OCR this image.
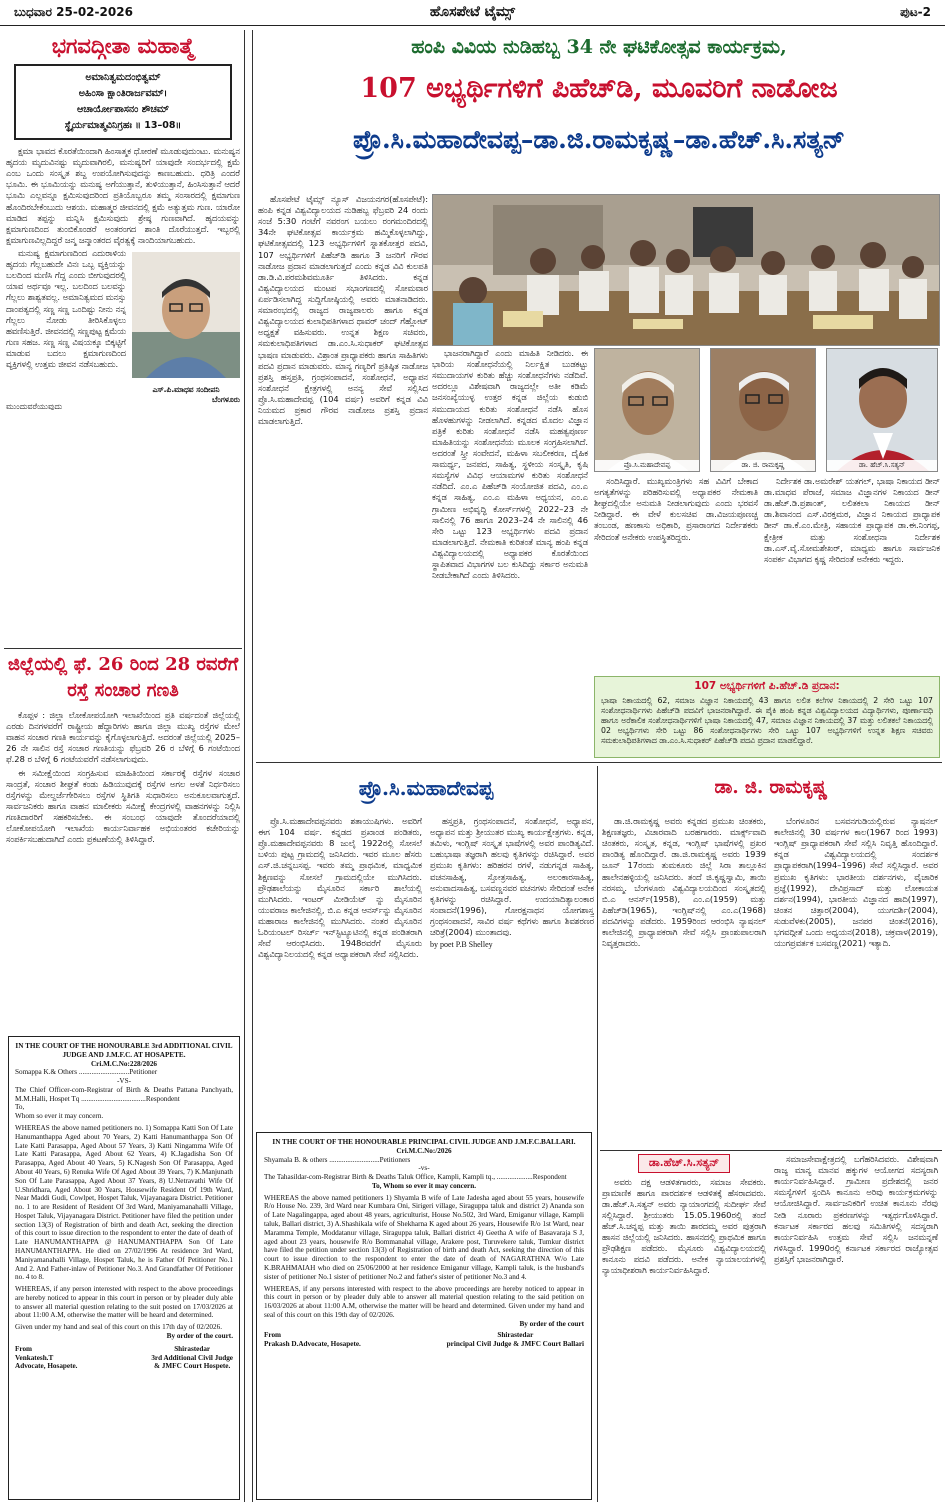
ಬುಧವಾರ 25-02-2026	ಹೊಸಪೇಟೆ ಟೈಮ್ಸ್	ಪುಟ-2
ಭಗವದ್ಗೀತಾ ಮಹಾತ್ಮೆ
ಅಮಾನಿತ್ವಮದಂಭಿತ್ವಮ್
ಅಹಿಂಸಾ ಕ್ಷಾಂತಿರಾರ್ಜವಮ್।
ಆಚಾರ್ಯೋಪಾಸನಂ ಶೌಚಮ್
ಸ್ಥೈರ್ಯಮಾತ್ಮವಿನಿಗ್ರಹಃ ॥ 13–08॥

ಕ್ಷಮಾ ಭಾವದ ಕೊರತೆಯಿಂದಾಗಿ ಹಿಂಸಾತ್ಮಕ ಧೋರಣೆ ಮೂಡುವುದುಂಟು. ಮನುಷ್ಯನ ಹೃದಯ ಮೃದುವಿನಷ್ಟು ಮೃದುವಾಗಿರಲಿ, ಮನುಷ್ಯರಿಗೆ ಯಾವುದೇ ಸಂದರ್ಭದಲ್ಲಿ ಕ್ಷಮೆ ಎಂಬ ಒಂದು ಸಂಸ್ಕೃತ ಶಬ್ದ ಉಪಯೋಗಿಸುವುದನ್ನು ಕಾಣಬಹುದು. ಧರಿತ್ರಿ ಎಂದರೆ ಭೂಮಿ. ಈ ಭೂಮಿಯನ್ನು ಮನುಷ್ಯ ಅಗೆಯುತ್ತಾನೆ, ತುಳಿಯುತ್ತಾನೆ, ಹಿಂಸಿಸುತ್ತಾನೆ ಆದರೆ ಭೂಮಿ ಎಲ್ಲವನ್ನೂ ಕ್ಷಮಿಸುವುದರಿಂದ ಪ್ರತಿಯೊಬ್ಬರೂ ತಮ್ಮ ಸಂಸಾರದಲ್ಲಿ ಕ್ಷಮಾಗುಣ ಹೊಂದಿರಬೇಕೆಂಬುದು ಆಶಯ. ಮಹಾತ್ಮರ ಜೀವನದಲ್ಲಿ ಕ್ಷಮೆ ಅತ್ಯುತ್ತಮ ಗುಣ. ಯಾರೋ ಮಾಡಿದ ತಪ್ಪನ್ನು ಮನ್ನಿಸಿ ಕ್ಷಮಿಸುವುದು ಶ್ರೇಷ್ಠ ಗುಣವಾಗಿದೆ. ಹೃದಯವನ್ನು ಕ್ಷಮಾಗುಣದಿಂದ ತುಂಬಿಕೊಂಡರೆ ಅಂತರಂಗದ ಶಾಂತಿ ದೊರೆಯುತ್ತದೆ. ಇಬ್ಬರಲ್ಲಿ ಕ್ಷಮಾಗುಣವಿಲ್ಲದಿದ್ದರೆ ಜನ್ಮ ಜನ್ಮಾಂತರದ ವೈರತ್ವಕ್ಕೆ ನಾಂದಿಯಾಗಬಹುದು.

ಎಸ್.ಪಿ.ಮಾಧವ ಸಂದೀಪನಿ
ಬೆಂಗಳೂರು

ಮನುಷ್ಯ ಕ್ಷಮಾಗುಣದಿಂದ ಎದುರಾಳಿಯ ಹೃದಯ ಗೆಲ್ಲಬಹುದೇ ವಿನಃ ಒಬ್ಬ ವ್ಯಕ್ತಿಯನ್ನು ಬಲದಿಂದ ಮಣಿಸಿ ಗೆದ್ದ ಎಂದು ಬೀಗುವುದರಲ್ಲಿ ಯಾವ ಅರ್ಥವೂ ಇಲ್ಲ. ಬಲದಿಂದ ಬಲವನ್ನು ಗೆಲ್ಲಲು ಶಾಶ್ವತವಲ್ಲ. ಅಮಾನಿತ್ವಮದ ಮನಸ್ಸು ದಾಂಪತ್ಯದಲ್ಲಿ ಸಣ್ಣ ಸಣ್ಣ ಒಂದಿಷ್ಟು ನೀನು ನನ್ನ ಗೆಲ್ಲಲು ನೋಡು ತೀರಿಸಿಕೊಳ್ಳಲು ಹವಣಿಸುತ್ತಿರೆ. ಜೀವನದಲ್ಲಿ ಸಣ್ಣಪುಟ್ಟ ಕ್ಷಮೆಯ ಗುಣ ಸಹಜ. ಸಣ್ಣ ಸಣ್ಣ ವಿಷಯಕ್ಕೂ ಬಿಕ್ಕಟ್ಟಿಗೆ ಮಾಡುವ ಬದಲು ಕ್ಷಮಾಗುಣದಿಂದ ವ್ಯಕ್ತಿಗಳಲ್ಲಿ ಉತ್ತಮ ಜೀವನ ನಡೆಸಬಹುದು.

ಮುಂದುವರೆಯುವುದು
ಜಿಲ್ಲೆಯಲ್ಲಿ ಫೆ. 26 ರಿಂದ 28 ರವರೆಗೆ ರಸ್ತೆ ಸಂಚಾರ ಗಣತಿ

ಕೊಪ್ಪಳ : ಜಿಲ್ಲಾ ಲೋಕೋಪಯೋಗಿ ಇಲಾಖೆಯಿಂದ ಪ್ರತಿ ವರ್ಷದಂತೆ ಜಿಲ್ಲೆಯಲ್ಲಿ ಎರಡು ದಿನಗಳವರೆಗೆ ರಾಷ್ಟ್ರೀಯ ಹೆದ್ದಾರಿಗಳು ಹಾಗೂ ಜಿಲ್ಲಾ ಮುಖ್ಯ ರಸ್ತೆಗಳ ಮೇಲೆ ವಾಹನ ಸಂಚಾರ ಗಣತಿ ಕಾರ್ಯವನ್ನು ಕೈಗೊಳ್ಳಲಾಗುತ್ತಿದೆ. ಅದರಂತೆ ಜಿಲ್ಲೆಯಲ್ಲಿ 2025–26 ನೇ ಸಾಲಿನ ರಸ್ತೆ ಸಂಚಾರ ಗಣತಿಯನ್ನು ಫೆಬ್ರವರಿ 26 ರ ಬೆಳಿಗ್ಗೆ 6 ಗಂಟೆಯಿಂದ ಫೆ.28 ರ ಬೆಳಿಗ್ಗೆ 6 ಗಂಟೆಯವರೆಗೆ ನಡೆಸಲಾಗುವುದು.

ಈ ಸಮೀಕ್ಷೆಯಿಂದ ಸಂಗ್ರಹಿಸುವ ಮಾಹಿತಿಯಿಂದ ಸರ್ಕಾರಕ್ಕೆ ರಸ್ತೆಗಳ ಸಂಚಾರ ಸಾಂದ್ರತೆ, ಸಂಚಾರ ಶೀಘ್ರತೆ ಕಂಡು ಹಿಡಿಯುವುದಕ್ಕೆ ರಸ್ತೆಗಳ ಅಗಲ ಅಳತೆ ನಿರ್ಧರಿಸಲು ರಸ್ತೆಗಳನ್ನು ಮೇಲ್ದರ್ಜೆಗೇರಿಸಲು ರಸ್ತೆಗಳ ಸ್ಥಿತಿಗತಿ ಸುಧಾರಿಸಲು ಅನುಕೂಲವಾಗುತ್ತದೆ. ಸಾರ್ವಜನಿಕರು ಹಾಗೂ ವಾಹನ ಮಾಲೀಕರು ಸಮೀಕ್ಷೆ ಕೇಂದ್ರಗಳಲ್ಲಿ ವಾಹನಗಳನ್ನು ನಿಲ್ಲಿಸಿ ಗಣತಿದಾರರಿಗೆ ಸಹಕರಿಸಬೇಕು. ಈ ಸಂಬಂಧ ಯಾವುದೇ ತೊಂದರೆಯಾದಲ್ಲಿ ಲೋಕೋಪಯೋಗಿ ಇಲಾಖೆಯ ಕಾರ್ಯನಿರ್ವಾಹಕ ಅಭಿಯಂತರರ ಕಚೇರಿಯನ್ನು ಸಂಪರ್ಕಿಸಬಹುದಾಗಿದೆ ಎಂದು ಪ್ರಕಟಣೆಯಲ್ಲಿ ತಿಳಿಸಿದ್ದಾರೆ.

IN THE COURT OF THE HONOURABLE 3rd ADDITIONAL CIVIL JUDGE AND J.M.F.C. AT HOSAPETE.
Cri.M.C.No:228/2026
Somappa K.& Others ............................Petitioner
-VS-
The Chief Officer-com-Registrar of Birth & Deaths Pattana Panchyath, M.M.Halli, Hospet Tq ....................................Respondent
To,
Whom so ever it may concern.
WHEREAS the above named petitioners no. 1) Somappa Katti Son Of Late Hanumanthappa Aged about 70 Years, 2) Katti Hanumanthappa Son Of Late Katti Parasappa, Aged About 57 Years, 3) Katti Ningamma Wife Of Late Katti Parasappa, Aged About 62 Years, 4) K.Jagadisha Son Of Parasappa, Aged About 40 Years, 5) K.Nagesh Son Of Parasappa, Aged About 40 Years, 6) Renuka Wife Of Aged About 39 Years, 7) K.Manjunath Son Of Late Parasappa, Aged About 37 Years, 8) U.Netravathi Wife Of U.Shridhara, Aged About 30 Years, Housewife Resident Of 19th Ward, Near Maddi Gudi, Cowlpet, Hospet Taluk, Vijayanagara District. Petitioner no. 1 to are Resident of Resident Of 3rd Ward, Maniyamanahalli Village, Hospet Taluk, Vijayanagara District. Petitioner have filed the petition under section 13(3) of Registration of birth and death Act, seeking the direction of this court to issue direction to the respondent to enter the date of death of Late HANUMANTHAPPA @ HANUMANTHAPPA Son Of Late HANUMANTHAPPA. He died on 27/02/1996 At residence 3rd Ward, Maniyamanahalli Village, Hospet Taluk, he is Father Of Petitioner No.1 And 2. And Father-inlaw of Petitioner No.3. And Grandfather Of Petitioner no. 4 to 8.
WHEREAS, if any person interested with respect to the above proceedings are hereby noticed to appear in this court in person or by pleader duly able to answer all material question relating to the suit posted on 17/03/2026 at about 11:00 A.M, otherwise the matter will be heard and determined.
Given under my hand and seal of this court on this 17th day of 02/2026.
By order of the court.
From
Venkatesh.T
Advocate, Hosapete.
Shirastedar
3rd Additional Civil Judge
& JMFC Court Hospete.
ಹಂಪಿ ವಿವಿಯ ನುಡಿಹಬ್ಬ 34 ನೇ ಘಟಿಕೋತ್ಸವ ಕಾರ್ಯಕ್ರಮ,
107 ಅಭ್ಯರ್ಥಿಗಳಿಗೆ ಪಿಹೆಚ್‌ಡಿ, ಮೂವರಿಗೆ ನಾಡೋಜ
ಪ್ರೊ.ಸಿ.ಮಹಾದೇವಪ್ಪ–ಡಾ.ಜಿ.ರಾಮಕೃಷ್ಣ–ಡಾ.ಹೆಚ್.ಸಿ.ಸತ್ಯನ್

ಹೊಸಪೇಟೆ ಟೈಮ್ಸ್ ನ್ಯೂಸ್ ವಿಜಯನಗರ(ಹೊಸಪೇಟೆ): ಹಂಪಿ ಕನ್ನಡ ವಿಶ್ವವಿದ್ಯಾಲಯದ ನುಡಿಹಬ್ಬ ಫೆಬ್ರವರಿ 24 ರಂದು ಸಂಜೆ 5:30 ಗಂಟೆಗೆ ನವರಂಗ ಬಯಲು ರಂಗಮಂದಿರದಲ್ಲಿ 34ನೇ ಘಟಿಕೋತ್ಸವ ಕಾರ್ಯಕ್ರಮ ಹಮ್ಮಿಕೊಳ್ಳಲಾಗಿದ್ದು, ಘಟಿಕೋತ್ಸವದಲ್ಲಿ 123 ಅಭ್ಯರ್ಥಿಗಳಿಗೆ ಸ್ನಾತಕೋತ್ತರ ಪದವಿ, 107 ಅಭ್ಯರ್ಥಿಗಳಿಗೆ ಪಿಹೆಚ್‌ಡಿ ಹಾಗೂ 3 ಜನರಿಗೆ ಗೌರವ ನಾಡೋಜ ಪ್ರದಾನ ಮಾಡಲಾಗುತ್ತದೆ ಎಂದು ಕನ್ನಡ ವಿವಿ ಕುಲಪತಿ ಡಾ.ಡಿ.ವಿ.ಪರಮಶಿವಮೂರ್ತಿ ತಿಳಿಸಿದರು. ಕನ್ನಡ ವಿಶ್ವವಿದ್ಯಾಲಯದ ಮಂಟಪ ಸಭಾಂಗಣದಲ್ಲಿ ಸೋಮವಾರ ಏರ್ಪಡಿಸಲಾಗಿದ್ದ ಸುದ್ದಿಗೋಷ್ಠಿಯಲ್ಲಿ ಅವರು ಮಾತನಾಡಿದರು. ಸಮಾರಂಭದಲ್ಲಿ ರಾಜ್ಯದ ರಾಜ್ಯಪಾಲರು ಹಾಗೂ ಕನ್ನಡ ವಿಶ್ವವಿದ್ಯಾಲಯದ ಕುಲಾಧಿಪತಿಗಳಾದ ಥಾವರ್ ಚಂದ್ ಗೆಹ್ಲೋಟ್ ಅಧ್ಯಕ್ಷತೆ ವಹಿಸುವರು. ಉನ್ನತ ಶಿಕ್ಷಣ ಸಚಿವರು, ಸಮಕುಲಾಧಿಪತಿಗಳಾದ ಡಾ.ಎಂ.ಸಿ.ಸುಧಾಕರ್ ಘಟಿಕೋತ್ಸವ ಭಾಷಣ ಮಾಡುವರು. ವಿಶ್ರಾಂತ ಪ್ರಾಧ್ಯಾಪಕರು ಹಾಗೂ ಸಾಹಿತಿಗಳು ಪದವಿ ಪ್ರದಾನ ಮಾಡುವರು. ಮಾನ್ಯ ಗಣ್ಯರಿಗೆ ಪ್ರತಿಷ್ಠಿತ ನಾಡೋಜ ಪ್ರಶಸ್ತಿ ಹಸ್ತಪ್ರತಿ, ಗ್ರಂಥಸಂಪಾದನೆ, ಸಂಶೋಧನೆ, ಅಧ್ಯಾಪನ ಸಂಶೋಧನೆ ಕ್ಷೇತ್ರಗಳಲ್ಲಿ ಅನನ್ಯ ಸೇವೆ ಸಲ್ಲಿಸಿದ ಪ್ರೊ.ಸಿ.ಮಹಾದೇವಪ್ಪ (104 ವರ್ಷ) ಅವರಿಗೆ ಕನ್ನಡ ವಿವಿ ನಿಯಮದ ಪ್ರಕಾರ ಗೌರವ ನಾಡೋಜ ಪ್ರಶಸ್ತಿ ಪ್ರದಾನ ಮಾಡಲಾಗುತ್ತಿದೆ.

ಭಾಜನರಾಗಿದ್ದಾರೆ ಎಂದು ಮಾಹಿತಿ ನೀಡಿದರು. ಈ ಭಾರಿಯ ಸಂಶೋಧನೆಯಲ್ಲಿ ನಿರ್ಲಕ್ಷಿತ ಬುಡಕಟ್ಟು ಸಮುದಾಯಗಳ ಕುರಿತು ಹೆಚ್ಚು ಸಂಶೋಧನೆಗಳು ನಡೆದಿವೆ. ಅದರಲ್ಲೂ ವಿಶೇಷವಾಗಿ ರಾಜ್ಯದಲ್ಲೇ ಅತೀ ಕಡಿಮೆ ಜನಸಂಖ್ಯೆಯುಳ್ಳ ಉತ್ತರ ಕನ್ನಡ ಜಿಲ್ಲೆಯ ಕುಡುಬಿ ಸಮುದಾಯದ ಕುರಿತು ಸಂಶೋಧನೆ ನಡೆಸಿ ಹೊಸ ಹೊಳಹುಗಳನ್ನು ನೀಡಲಾಗಿದೆ. ಕನ್ನಡದ ಮೊದಲ ವಿಜ್ಞಾನ ಪತ್ರಿಕೆ ಕುರಿತು ಸಂಶೋಧನೆ ನಡೆಸಿ ಮಹತ್ವಪೂರ್ಣ ಮಾಹಿತಿಯನ್ನು ಸಂಶೋಧನೆಯ ಮೂಲಕ ಸಂಗ್ರಹಿಸಲಾಗಿದೆ. ಅದರಂತೆ ಸ್ತ್ರೀ ಸಂವೇದನೆ, ಮಹಿಳಾ ಸಬಲೀಕರಣ, ದೈಹಿಕ ಸಾಮರ್ಥ್ಯ, ಜನಪದ, ಸಾಹಿತ್ಯ, ಸ್ಥಳೀಯ ಸಂಸ್ಕೃತಿ, ಕೃಷಿ ಸಮಸ್ಯೆಗಳ ವಿವಿಧ ಆಯಾಮಗಳ ಕುರಿತು ಸಂಶೋಧನೆ ನಡೆದಿದೆ. ಎಂ.ಎ ಪಿಹೆಚ್‌ಡಿ ಸಂಯೋಜಿತ ಪದವಿ, ಎಂ.ಎ ಕನ್ನಡ ಸಾಹಿತ್ಯ, ಎಂ.ಎ ಮಹಿಳಾ ಅಧ್ಯಯನ, ಎಂ.ಎ ಗ್ರಾಮೀಣ ಅಭಿವೃದ್ಧಿ ಕೋರ್ಸ್‌ಗಳಲ್ಲಿ 2022–23 ನೇ ಸಾಲಿನಲ್ಲಿ 76 ಹಾಗೂ 2023–24 ನೇ ಸಾಲಿನಲ್ಲಿ 46 ಸೇರಿ ಒಟ್ಟು 123 ಅಭ್ಯರ್ಥಿಗಳು ಪದವಿ ಪ್ರದಾನ ಮಾಡಲಾಗುತ್ತಿದೆ. ನೇಮಕಾತಿ ಕುರಿತಂತೆ ಮಾನ್ಯ ಹಂಪಿ ಕನ್ನಡ ವಿಶ್ವವಿದ್ಯಾಲಯದಲ್ಲಿ ಅಧ್ಯಾಪಕರ ಕೊರತೆಯಿಂದ ಸ್ಥಾಪಿತವಾದ ವಿಭಾಗಗಳ ಬಲ ಕುಸಿದಿದ್ದು ಸರ್ಕಾರ ಅನುಮತಿ ನೀಡಬೇಕಾಗಿದೆ ಎಂದು ತಿಳಿಸಿದರು.

ಪ್ರೊ.ಸಿ.ಮಹಾದೇವಪ್ಪ	ಡಾ. ಜಿ. ರಾಮಕೃಷ್ಣ	ಡಾ. ಹೆಚ್.ಸಿ.ಸತ್ಯನ್

ಸಂದಿಸಿದ್ದಾರೆ. ಮುಖ್ಯಮಂತ್ರಿಗಳು ಸಹ ವಿವಿಗೆ ಬೇಕಾದ ಅಗತ್ಯತೆಗಳನ್ನು ಪರಿಹರಿಸುವಲ್ಲಿ ಅಧ್ಯಾಪಕರ ನೇಮಕಾತಿ ಶೀಘ್ರದಲ್ಲಿಯೇ ಅನುಮತಿ ನೀಡಲಾಗುವುದು ಎಂದು ಭರವಸೆ ನೀಡಿದ್ದಾರೆ. ಈ ವೇಳೆ ಕುಲಸಚಿವ ಡಾ.ವಿಜಯಪೂಣಚ್ಚ ತಂಬಂಡ, ಹಣಕಾಸು ಅಧಿಕಾರಿ, ಪ್ರಸಾರಾಂಗದ ನಿರ್ದೇಶಕರು ಸೇರಿದಂತೆ ಅನೇಕರು ಉಪಸ್ಥಿತರಿದ್ದರು.

ನಿರ್ದೇಶಕ ಡಾ.ಅಮರೇಶ್ ಯತಗಲ್, ಭಾಷಾ ನಿಕಾಯದ ಡೀನ್ ಡಾ.ಮಾಧವ ಪೆರಾಜೆ, ಸಮಾಜ ವಿಜ್ಞಾನಗಳ ನಿಕಾಯದ ಡೀನ್ ಡಾ.ಹೆಚ್.ಡಿ.ಪ್ರಶಾಂತ್, ಲಲಿತಕಲಾ ನಿಕಾಯದ ಡೀನ್ ಡಾ.ಶಿವಾನಂದ ಎಸ್.ವಿರಕ್ತಮಠ, ವಿಜ್ಞಾನ ನಿಕಾಯದ ಪ್ರಾಧ್ಯಾಪಕ ಡೀನ್ ಡಾ.ಕೆ.ಎಂ.ಮೇತ್ರಿ, ಸಹಾಯಕ ಪ್ರಾಧ್ಯಾಪಕ ಡಾ.ಈ.ನಿಂಗಪ್ಪ, ಕ್ಷೇತ್ರೀಕ ಮತ್ತು ಸಂಶೋಧನಾ ನಿರ್ದೇಶಕ ಡಾ.ಎಸ್.ವೈ.ಸೋಮಶೇಖರ್, ಮಾಧ್ಯಮ ಹಾಗೂ ಸಾರ್ವಜನಿಕ ಸಂಪರ್ಕ ವಿಭಾಗದ ಕೃಷ್ಣ ಸೇರಿದಂತೆ ಅನೇಕರು ಇದ್ದರು.

107 ಅಭ್ಯರ್ಥಿಗಳಿಗೆ ಪಿ.ಹೆಚ್.ಡಿ ಪ್ರದಾನ:

ಭಾಷಾ ನಿಕಾಯದಲ್ಲಿ 62, ಸಮಾಜ ವಿಜ್ಞಾನ ನಿಕಾಯದಲ್ಲಿ 43 ಹಾಗೂ ಲಲಿತ ಕಲೆಗಳ ನಿಕಾಯದಲ್ಲಿ 2 ಸೇರಿ ಒಟ್ಟು 107 ಸಂಶೋಧನಾರ್ಥಿಗಳು ಪಿಹೆಚ್‌ಡಿ ಪದವಿಗೆ ಭಾಜನರಾಗಿದ್ದಾರೆ. ಈ ಪೈಕಿ ಹಂಪಿ ಕನ್ನಡ ವಿಶ್ವವಿದ್ಯಾಲಯದ ವಿದ್ಯಾರ್ಥಿಗಳು, ಪೂರ್ಣಾವಧಿ ಹಾಗೂ ಅರೆಕಾಲಿಕ ಸಂಶೋಧನಾರ್ಥಿಗಳಿಗೆ ಭಾಷಾ ನಿಕಾಯದಲ್ಲಿ 47, ಸಮಾಜ ವಿಜ್ಞಾನ ನಿಕಾಯದಲ್ಲಿ 37 ಮತ್ತು ಲಲಿತಕಲೆ ನಿಕಾಯದಲ್ಲಿ 02 ಅಭ್ಯರ್ಥಿಗಳು ಸೇರಿ ಒಟ್ಟು 86 ಸಂಶೋಧನಾರ್ಥಿಗಳು ಸೇರಿ ಒಟ್ಟು 107 ಅಭ್ಯರ್ಥಿಗಳಿಗೆ ಉನ್ನತ ಶಿಕ್ಷಣ ಸಚಿವರು ಸಮಕುಲಾಧಿಪತಿಗಳಾದ ಡಾ.ಎಂ.ಸಿ.ಸುಧಾಕರ್ ಪಿಹೆಚ್‌ಡಿ ಪದವಿ ಪ್ರದಾನ ಮಾಡಲಿದ್ದಾರೆ.

ಪ್ರೊ.ಸಿ.ಮಹಾದೇವಪ್ಪ

ಪ್ರೊ.ಸಿ.ಮಹಾದೇವಪ್ಪನವರು ಶತಾಯುಷಿಗಳು. ಅವರಿಗೆ ಈಗ 104 ವರ್ಷ. ಕನ್ನಡದ ಪ್ರಖಾಂಡ ಪಂಡಿತರು, ಪ್ರೊ.ಮಹಾದೇವಪ್ಪನವರು 8 ಜುಲೈ 1922ರಲ್ಲಿ ಸೋಸಲೆ ಬಳಿಯ ಪುಟ್ಟ ಗ್ರಾಮದಲ್ಲಿ ಜನಿಸಿದರು. ಇವರ ಮೂಲ ಹೆಸರು ಎಸ್.ಜಿ.ಚನ್ನಬಸಪ್ಪ. ಇವರು ತಮ್ಮ ಪ್ರಾಥಮಿಕ, ಮಾಧ್ಯಮಿಕ ಶಿಕ್ಷಣವನ್ನು ಸೋಸಲೆ ಗ್ರಾಮದಲ್ಲಿಯೇ ಮುಗಿಸಿದರು. ಪ್ರೌಢಶಾಲೆಯನ್ನು ಮೈಸೂರಿನ ಸರ್ಕಾರಿ ಶಾಲೆಯಲ್ಲಿ ಮುಗಿಸಿದರು. ಇಂಟರ್ ಮೀಡಿಯೆಟ್ ನ್ನು ಮೈಸೂರಿನ ಯುವರಾಜ ಕಾಲೇಜಿನಲ್ಲಿ, ಬಿ.ಎ ಕನ್ನಡ ಆನರ್ಸ್‌ನ್ನು ಮೈಸೂರಿನ ಮಹಾರಾಜ ಕಾಲೇಜಿನಲ್ಲಿ ಮುಗಿಸಿದರು. ನಂತರ ಮೈಸೂರಿನ ಓರಿಯಂಟಲ್ ರಿಸರ್ಚ್ ಇನ್‌ಸ್ಟಿಟ್ಯೂಟಿನಲ್ಲಿ ಕನ್ನಡ ಪಂಡಿತರಾಗಿ ಸೇವೆ ಆರಂಭಿಸಿದರು. 1948ರವರೆಗೆ ಮೈಸೂರು ವಿಶ್ವವಿದ್ಯಾನಿಲಯದಲ್ಲಿ ಕನ್ನಡ ಅಧ್ಯಾಪಕರಾಗಿ ಸೇವೆ ಸಲ್ಲಿಸಿದರು.

ಹಸ್ತಪ್ರತಿ, ಗ್ರಂಥಸಂಪಾದನೆ, ಸಂಶೋಧನೆ, ಅಧ್ಯಾಪನ, ಅಧ್ಯಾಪನ ಮತ್ತು ಶ್ರೀಯುತರ ಮುಖ್ಯ ಕಾರ್ಯಕ್ಷೇತ್ರಗಳು. ಕನ್ನಡ, ತಮಿಳು, ಇಂಗ್ಲಿಷ್ ಸಂಸ್ಕೃತ ಭಾಷೆಗಳಲ್ಲಿ ಅವರ ಪಾಂಡಿತ್ಯವಿದೆ. ಬಹುಭಾಷಾ ತಜ್ಞರಾಗಿ ಹಲವು ಕೃತಿಗಳನ್ನು ರಚಿಸಿದ್ದಾರೆ. ಅವರ ಪ್ರಮುಖ ಕೃತಿಗಳು: ಹರಿಹರನ ರಗಳೆ, ನಡುಗನ್ನಡ ಸಾಹಿತ್ಯ, ವಚನಸಾಹಿತ್ಯ, ಸ್ತೋತ್ರಸಾಹಿತ್ಯ, ಅಲಂಕಾರಸಾಹಿತ್ಯ, ಅನುವಾದಸಾಹಿತ್ಯ, ಬಸವಣ್ಣನವರ ವಚನಗಳು ಸೇರಿದಂತೆ ಅನೇಕ ಕೃತಿಗಳನ್ನು ರಚಿಸಿದ್ದಾರೆ. ಉದಯಾದಿತ್ಯಾಲಂಕಾರ ಸಂಪಾದನೆ(1996), ಗೋರಕ್ಷನಾಥನ ಯೋಗಶಾಸ್ತ್ರ ಗ್ರಂಥಸಂಪಾದನೆ, ಸಾವಿರ ವರ್ಷ ಕಥೆಗಳು ಹಾಗೂ ಶಿವಶರಣರ ಚರಿತ್ರೆ(2004) ಮುಂತಾದವು.

by poet P.B Shelley

ಡಾ. ಜಿ. ರಾಮಕೃಷ್ಣ

ಡಾ.ಜಿ.ರಾಮಕೃಷ್ಣ ಅವರು ಕನ್ನಡದ ಪ್ರಮುಖ ಚಿಂತಕರು, ಶಿಕ್ಷಣತಜ್ಞರು, ವಿಚಾರವಾದಿ ಬರಹಗಾರರು. ಮಾರ್ಕ್ಸ್‌ವಾದಿ ಚಿಂತಕರು, ಸಂಸ್ಕೃತ, ಕನ್ನಡ, ಇಂಗ್ಲಿಷ್ ಭಾಷೆಗಳಲ್ಲಿ ಪ್ರಖರ ಪಾಂಡಿತ್ಯ ಹೊಂದಿದ್ದಾರೆ. ಡಾ.ಜಿ.ರಾಮಕೃಷ್ಣ ಅವರು 1939 ಜೂನ್ 17ರಂದು ತುಮಕೂರು ಜಿಲ್ಲೆ ಸಿರಾ ತಾಲ್ಲೂಕಿನ ಹಾಲೇನಹಳ್ಳಿಯಲ್ಲಿ ಜನಿಸಿದರು. ತಂದೆ ಜಿ.ಕೃಷ್ಣಸ್ವಾಮಿ, ತಾಯಿ ನರಸಮ್ಮ. ಬೆಂಗಳೂರು ವಿಶ್ವವಿದ್ಯಾಲಯದಿಂದ ಸಂಸ್ಕೃತದಲ್ಲಿ ಬಿ.ಎ ಆನರ್ಸ್(1958), ಎಂ.ಎ(1959) ಮತ್ತು ಪಿಹೆಚ್‌ಡಿ(1965), ಇಂಗ್ಲಿಷ್‌ನಲ್ಲಿ ಎಂ.ಎ(1968) ಪದವಿಗಳನ್ನು ಪಡೆದರು. 1959ರಿಂದ ಆರಂಭಿಸಿ ನ್ಯಾಷನಲ್ ಕಾಲೇಜಿನಲ್ಲಿ ಪ್ರಾಧ್ಯಾಪಕರಾಗಿ ಸೇವೆ ಸಲ್ಲಿಸಿ ಪ್ರಾಂಶುಪಾಲರಾಗಿ ನಿವೃತ್ತರಾದರು.

ಬೆಂಗಳೂರಿನ ಬಸವನಗುಡಿಯಲ್ಲಿರುವ ನ್ಯಾಷನಲ್ ಕಾಲೇಜಿನಲ್ಲಿ 30 ವರ್ಷಗಳ ಕಾಲ(1967 ರಿಂದ 1993) ಇಂಗ್ಲಿಷ್ ಪ್ರಾಧ್ಯಾಪಕರಾಗಿ ಸೇವೆ ಸಲ್ಲಿಸಿ ನಿವೃತ್ತಿ ಹೊಂದಿದ್ದಾರೆ. ಕನ್ನಡ ವಿಶ್ವವಿದ್ಯಾಲಯದಲ್ಲಿ ಸಂದರ್ಶಕ ಪ್ರಾಧ್ಯಾಪಕರಾಗಿ(1994–1996) ಸೇವೆ ಸಲ್ಲಿಸಿದ್ದಾರೆ. ಅವರ ಪ್ರಮುಖ ಕೃತಿಗಳು: ಭಾರತೀಯ ದರ್ಶನಗಳು, ವೈಚಾರಿಕ ಪ್ರಜ್ಞೆ(1992), ದೇವಿಪ್ರಸಾದ್ ಮತ್ತು ಲೋಕಾಯತ ದರ್ಶನ(1994), ಭಾರತೀಯ ವಿಜ್ಞಾನದ ಹಾದಿ(1997), ಚಿಂತನ ಚಿತ್ತಾರ(2004), ಯುಗದರ್ಶಿ(2004), ಸುಡುವೆಳಕು(2005), ಜನಪರ ಚಿಂತನೆ(2016), ಭಗವದ್ಗೀತೆ ಒಂದು ಅಧ್ಯಯನ(2018), ಚಕ್ರವಾಳ(2019), ಯುಗಪ್ರವರ್ತಕ ಬಸವಣ್ಣ(2021) ಇತ್ಯಾದಿ.

IN THE COURT OF THE HONOURABLE PRINCIPAL CIVIL JUDGE AND J.M.F.C.BALLARI.
Cri.M.C.No:/2026
Shyamala B. & others ............................Petitioners
-vs-
The Tahasildar-com-Registrar Birth & Deaths Taluk Office, Kampli, Kampli tq., ....................Respondent
To, Whom so ever it may concern.
WHEREAS the above named petitioners 1) Shyamla B wife of Late Jadesha aged about 55 years, housewife R/o House No. 239, 3rd Ward near Kumbara Oni, Sirigeri village, Siraguppa taluk and district 2) Ananda son of Late Nagalingappa, aged about 48 years, agriculturist, House No.502, 3rd Ward, Emiganur village, Kampli taluk, Ballari district, 3) A.Shashikala wife of Shekharna K aged about 26 years, Housewife R/o 1st Ward, near Maramma Temple, Moddatanur village, Siraguppa taluk, Ballari district 4) Geetha A wife of Basavaraja S J, aged about 23 years, housewife R/o Bommanahal village, Arakere post, Turuvekere taluk, Tumkur district have filed the petition under section 13(3) of Registration of birth and death Act, seeking the direction of this court to issue direction to the respondent to enter the date of death of NAGARATHNA W/o Late K.BRAHMAIAH who died on 25/06/2000 at her residence Emiganur village, Kampli taluk, is the husband's sister of petitioner No.1 sister of petitioner No.2 and father's sister of petitioner No.3 and 4.
WHEREAS, if any persons interested with respect to the above proceedings are hereby noticed to appear in this court in person or by pleader duly able to answer all material question relating to the said petition on 16/03/2026 at about 11:00 A.M, otherwise the matter will be heard and determined. Given under my hand and seal of this court on this 19th day of 02/2026.
By order of the court
From
Prakash D.Advocate, Hosapete.
Shirastedar
principal Civil Judge & JMFC Court Ballari
ಡಾ.ಹೆಚ್.ಸಿ.ಸತ್ಯನ್

ಅವರು ದಕ್ಷ ಆಡಳಿತಗಾರರು, ಸಮಾಜ ಸೇವಕರು. ಪ್ರಾಮಾಣಿಕ ಹಾಗೂ ಪಾರದರ್ಶಕ ಆಡಳಿತಕ್ಕೆ ಹೆಸರಾದವರು. ಡಾ.ಹೆಚ್.ಸಿ.ಸತ್ಯನ್ ಅವರು ನ್ಯಾಯಾಂಗದಲ್ಲಿ ಸುದೀರ್ಘ ಸೇವೆ ಸಲ್ಲಿಸಿದ್ದಾರೆ. ಶ್ರೀಯುತರು 15.05.1960ರಲ್ಲಿ ತಂದೆ ಹೆಚ್.ಸಿ.ಚನ್ನಪ್ಪ ಮತ್ತು ತಾಯಿ ಶಾರದಮ್ಮ ಅವರ ಪುತ್ರರಾಗಿ ಹಾಸನ ಜಿಲ್ಲೆಯಲ್ಲಿ ಜನಿಸಿದರು. ಹಾಸನದಲ್ಲಿ ಪ್ರಾಥಮಿಕ ಹಾಗೂ ಪ್ರೌಢಶಿಕ್ಷಣ ಪಡೆದರು. ಮೈಸೂರು ವಿಶ್ವವಿದ್ಯಾಲಯದಲ್ಲಿ ಕಾನೂನು ಪದವಿ ಪಡೆದರು. ಅನೇಕ ನ್ಯಾಯಾಲಯಗಳಲ್ಲಿ ನ್ಯಾಯಾಧೀಶರಾಗಿ ಕಾರ್ಯನಿರ್ವಹಿಸಿದ್ದಾರೆ.

ಸಮಾಜಸೇವಾಕ್ಷೇತ್ರದಲ್ಲಿ ಬಗೆಹರಿಸಿದವರು. ವಿಶೇಷವಾಗಿ ರಾಜ್ಯ ಮಾನ್ಯ ಮಾನವ ಹಕ್ಕುಗಳ ಆಯೋಗದ ಸದಸ್ಯರಾಗಿ ಕಾರ್ಯನಿರ್ವಹಿಸಿದ್ದಾರೆ. ಗ್ರಾಮೀಣ ಪ್ರದೇಶದಲ್ಲಿ ಜನರ ಸಮಸ್ಯೆಗಳಿಗೆ ಸ್ಪಂದಿಸಿ ಕಾನೂನು ಅರಿವು ಕಾರ್ಯಕ್ರಮಗಳನ್ನು ಆಯೋಜಿಸಿದ್ದಾರೆ. ಸಾರ್ವಜನಿಕರಿಗೆ ಉಚಿತ ಕಾನೂನು ನೆರವು ನೀಡಿ ನೂರಾರು ಪ್ರಕರಣಗಳನ್ನು ಇತ್ಯರ್ಥಗೊಳಿಸಿದ್ದಾರೆ. ಕರ್ನಾಟಕ ಸರ್ಕಾರದ ಹಲವು ಸಮಿತಿಗಳಲ್ಲಿ ಸದಸ್ಯರಾಗಿ ಕಾರ್ಯನಿರ್ವಹಿಸಿ ಉತ್ತಮ ಸೇವೆ ಸಲ್ಲಿಸಿ ಜನಮನ್ನಣೆ ಗಳಿಸಿದ್ದಾರೆ. 1990ರಲ್ಲಿ ಕರ್ನಾಟಕ ಸರ್ಕಾರದ ರಾಜ್ಯೋತ್ಸವ ಪ್ರಶಸ್ತಿಗೆ ಭಾಜನರಾಗಿದ್ದಾರೆ.
